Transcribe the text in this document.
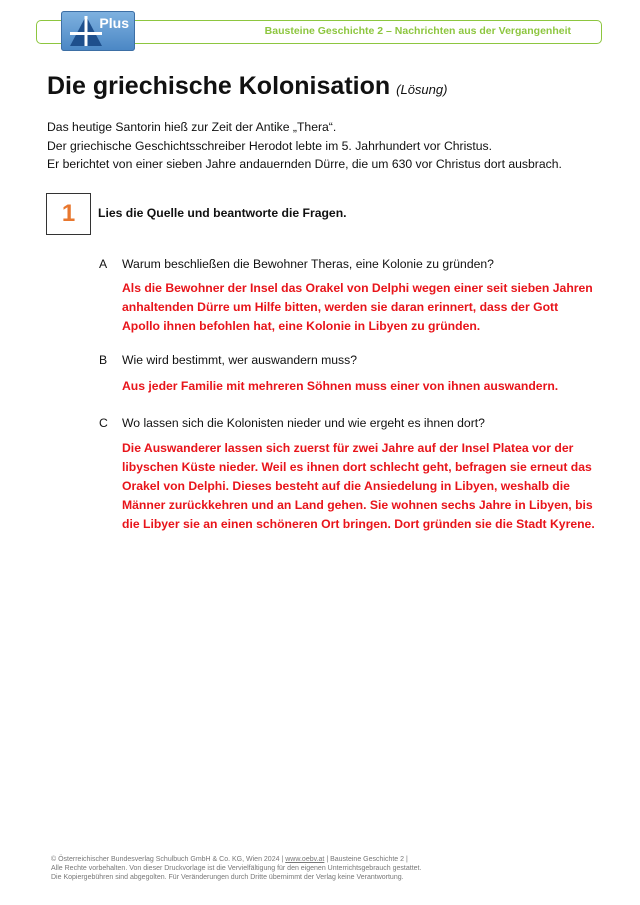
Bausteine Geschichte 2 – Nachrichten aus der Vergangenheit
Plus
Die griechische Kolonisation (Lösung)

Das heutige Santorin hieß zur Zeit der Antike „Thera“.

Der griechische Geschichtsschreiber Herodot lebte im 5. Jahrhundert vor Christus.

Er berichtet von einer sieben Jahre andauernden Dürre, die um 630 vor Christus dort ausbrach.

1 Lies die Quelle und beantworte die Fragen.
A Warum beschließen die Bewohner Theras, eine Kolonie zu gründen?

Als die Bewohner der Insel das Orakel von Delphi wegen einer seit sieben Jahren

anhaltenden Dürre um Hilfe bitten, werden sie daran erinnert, dass der Gott

Apollo ihnen befohlen hat, eine Kolonie in Libyen zu gründen.

B Wie wird bestimmt, wer auswandern muss?

Aus jeder Familie mit mehreren Söhnen muss einer von ihnen auswandern.

C Wo lassen sich die Kolonisten nieder und wie ergeht es ihnen dort?

Die Auswanderer lassen sich zuerst für zwei Jahre auf der Insel Platea vor der

libyschen Küste nieder. Weil es ihnen dort schlecht geht, befragen sie erneut das

Orakel von Delphi. Dieses besteht auf die Ansiedelung in Libyen, weshalb die

Männer zurückkehren und an Land gehen. Sie wohnen sechs Jahre in Libyen, bis

die Libyer sie an einen schöneren Ort bringen. Dort gründen sie die Stadt Kyrene.

© Österreichischer Bundesverlag Schulbuch GmbH & Co. KG, Wien 2024 | www.oebv.at | Bausteine Geschichte 2 |

Alle Rechte vorbehalten. Von dieser Druckvorlage ist die Vervielfältigung für den eigenen Unterrichtsgebrauch gestattet.

Die Kopiergebühren sind abgegolten. Für Veränderungen durch Dritte übernimmt der Verlag keine Verantwortung.
